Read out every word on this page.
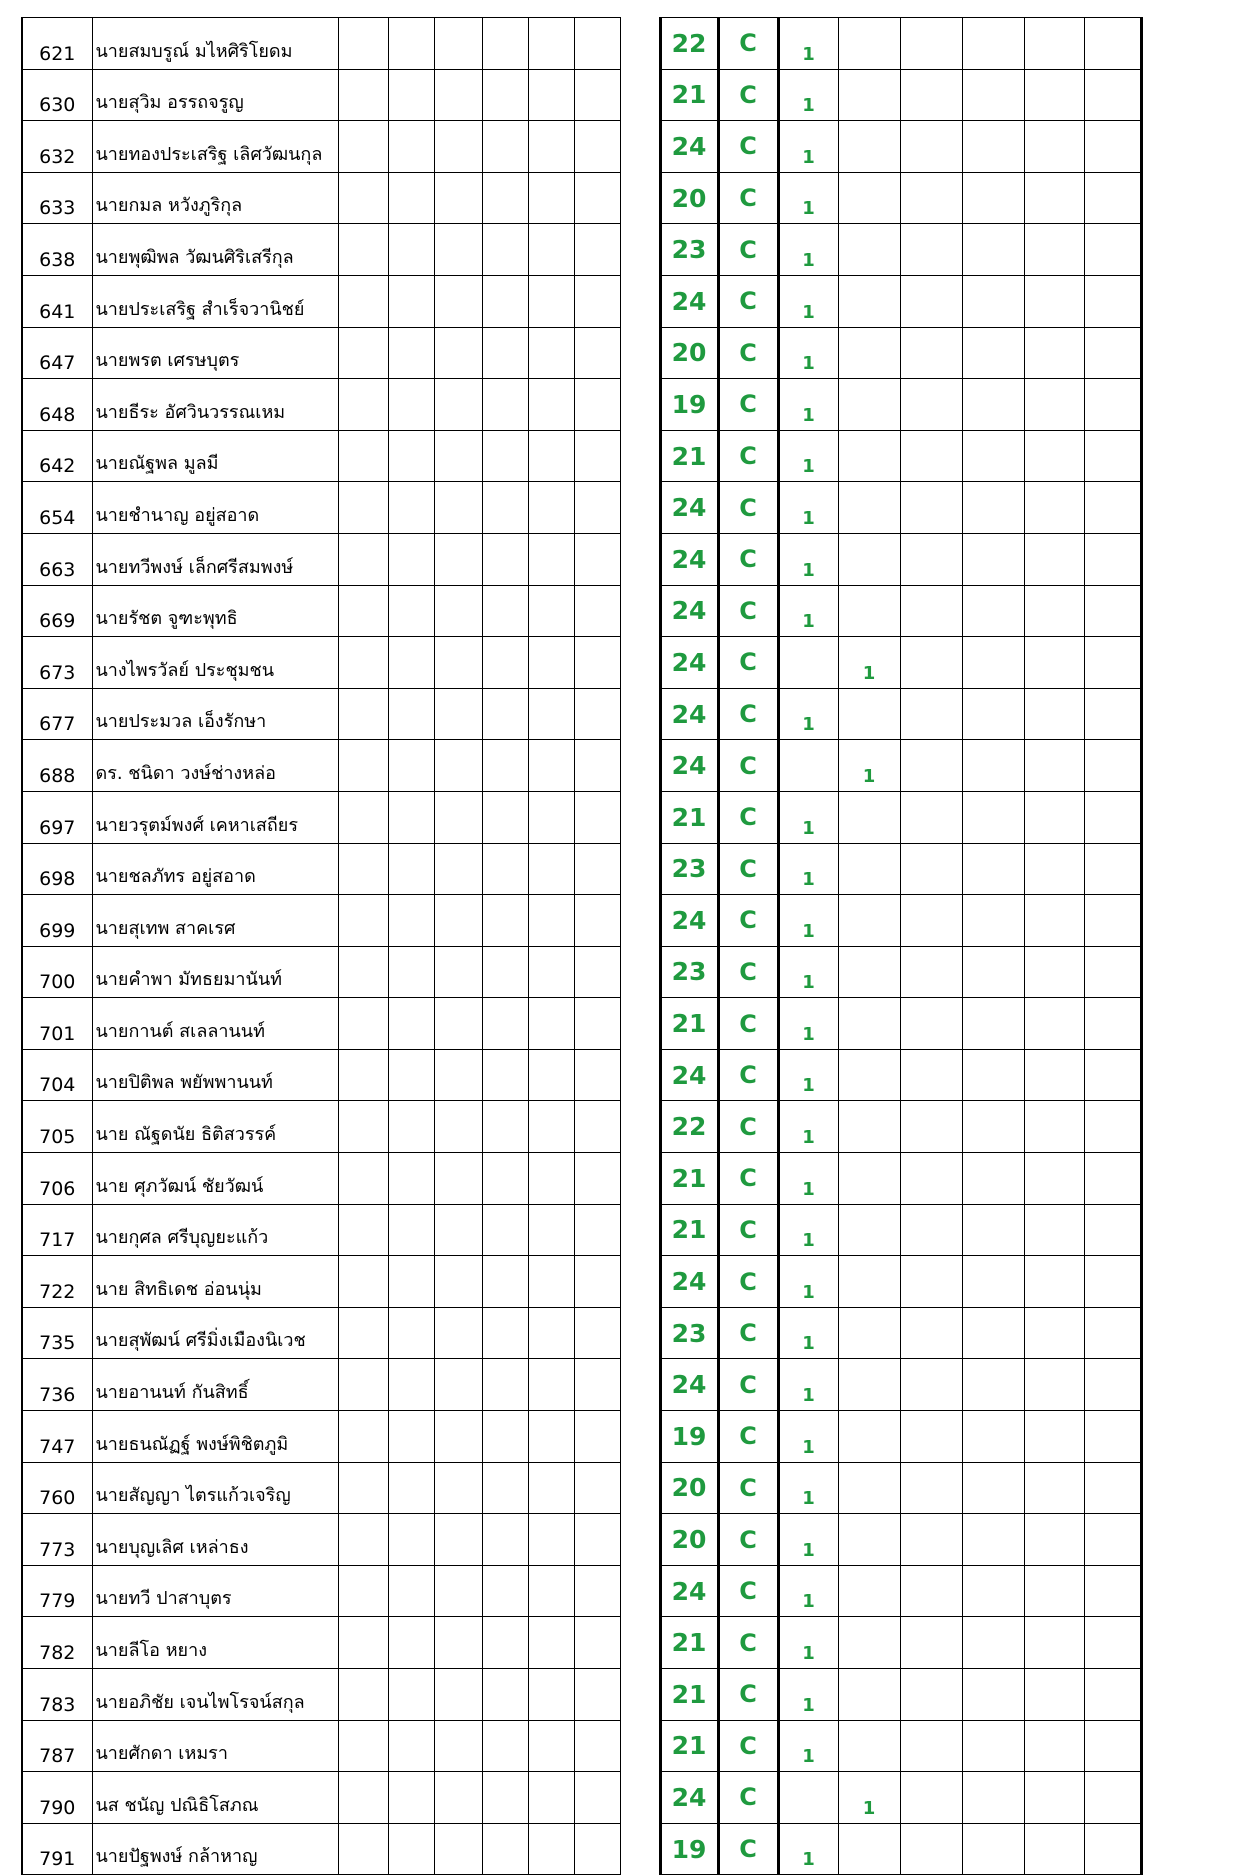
621	นายสมบรูณ์ มไหศิริโยดม								22	C	1					
630	นายสุวิม อรรถจรูญ								21	C	1					
632	นายทองประเสริฐ เลิศวัฒนกุล								24	C	1					
633	นายกมล หวังภูริกุล								20	C	1					
638	นายพุฒิพล วัฒนศิริเสรีกุล								23	C	1					
641	นายประเสริฐ สำเร็จวานิชย์								24	C	1					
647	นายพรต เศรษบุตร								20	C	1					
648	นายธีระ อัศวินวรรณเหม								19	C	1					
642	นายณัฐพล มูลมี								21	C	1					
654	นายชำนาญ อยู่สอาด								24	C	1					
663	นายทวีพงษ์ เล็กศรีสมพงษ์								24	C	1					
669	นายรัชต จูฑะพุทธิ								24	C	1					
673	นางไพรวัลย์ ประชุมชน								24	C		1				
677	นายประมวล เอ็งรักษา								24	C	1					
688	ดร. ชนิดา วงษ์ช่างหล่อ								24	C		1				
697	นายวรุตม์พงศ์ เคหาเสถียร								21	C	1					
698	นายชลภัทร อยู่สอาด								23	C	1					
699	นายสุเทพ สาคเรศ								24	C	1					
700	นายคำพา มัทธยมานันท์								23	C	1					
701	นายกานต์ สเลลานนท์								21	C	1					
704	นายปิติพล พยัพพานนท์								24	C	1					
705	นาย ณัฐดนัย ธิติสวรรค์								22	C	1					
706	นาย ศุภวัฒน์ ชัยวัฒน์								21	C	1					
717	นายกุศล ศรีบุญยะแก้ว								21	C	1					
722	นาย สิทธิเดช อ่อนนุ่ม								24	C	1					
735	นายสุพัฒน์ ศรีมิ่งเมืองนิเวช								23	C	1					
736	นายอานนท์ กันสิทธิ์								24	C	1					
747	นายธนณัฏฐ์ พงษ์พิชิตภูมิ								19	C	1					
760	นายสัญญา ไตรแก้วเจริญ								20	C	1					
773	นายบุญเลิศ เหล่าธง								20	C	1					
779	นายทวี ปาสาบุตร								24	C	1					
782	นายลีโอ หยาง								21	C	1					
783	นายอภิชัย เจนไพโรจน์สกุล								21	C	1					
787	นายศักดา เหมรา								21	C	1					
790	นส ชนัญ ปณิธิโสภณ								24	C		1				
791	นายปัฐพงษ์ กล้าหาญ								19	C	1					
